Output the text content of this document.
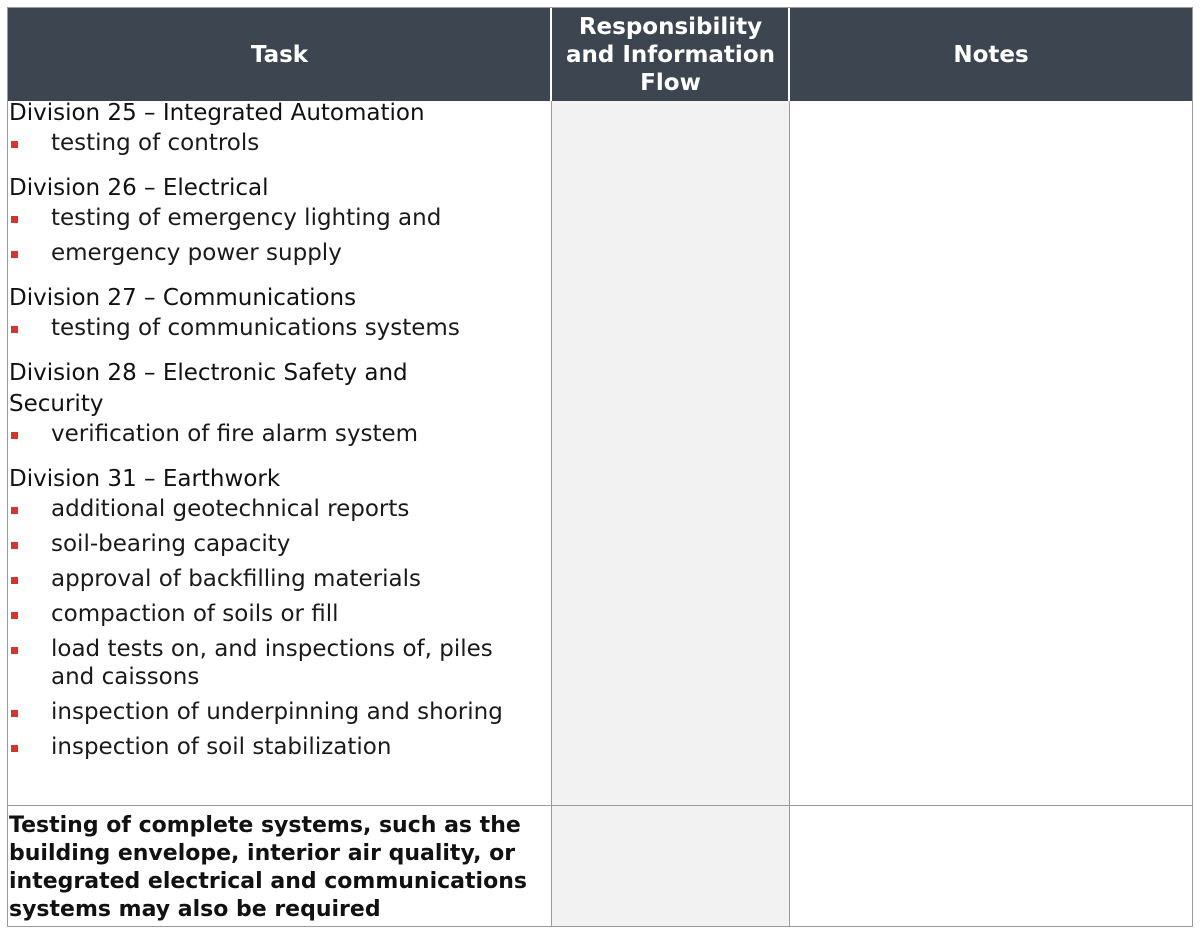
Task
Responsibility and Information Flow
Notes
Division 25 – Integrated Automation
testing of controls
Division 26 – Electrical
testing of emergency lighting and
emergency power supply
Division 27 – Communications
testing of communications systems
Division 28 – Electronic Safety and Security
verification of fire alarm system
Division 31 – Earthwork
additional geotechnical reports
soil-bearing capacity
approval of backfilling materials
compaction of soils or fill
load tests on, and inspections of, piles and caissons
inspection of underpinning and shoring
inspection of soil stabilization
Testing of complete systems, such as the building envelope, interior air quality, or integrated electrical and communications systems may also be required
